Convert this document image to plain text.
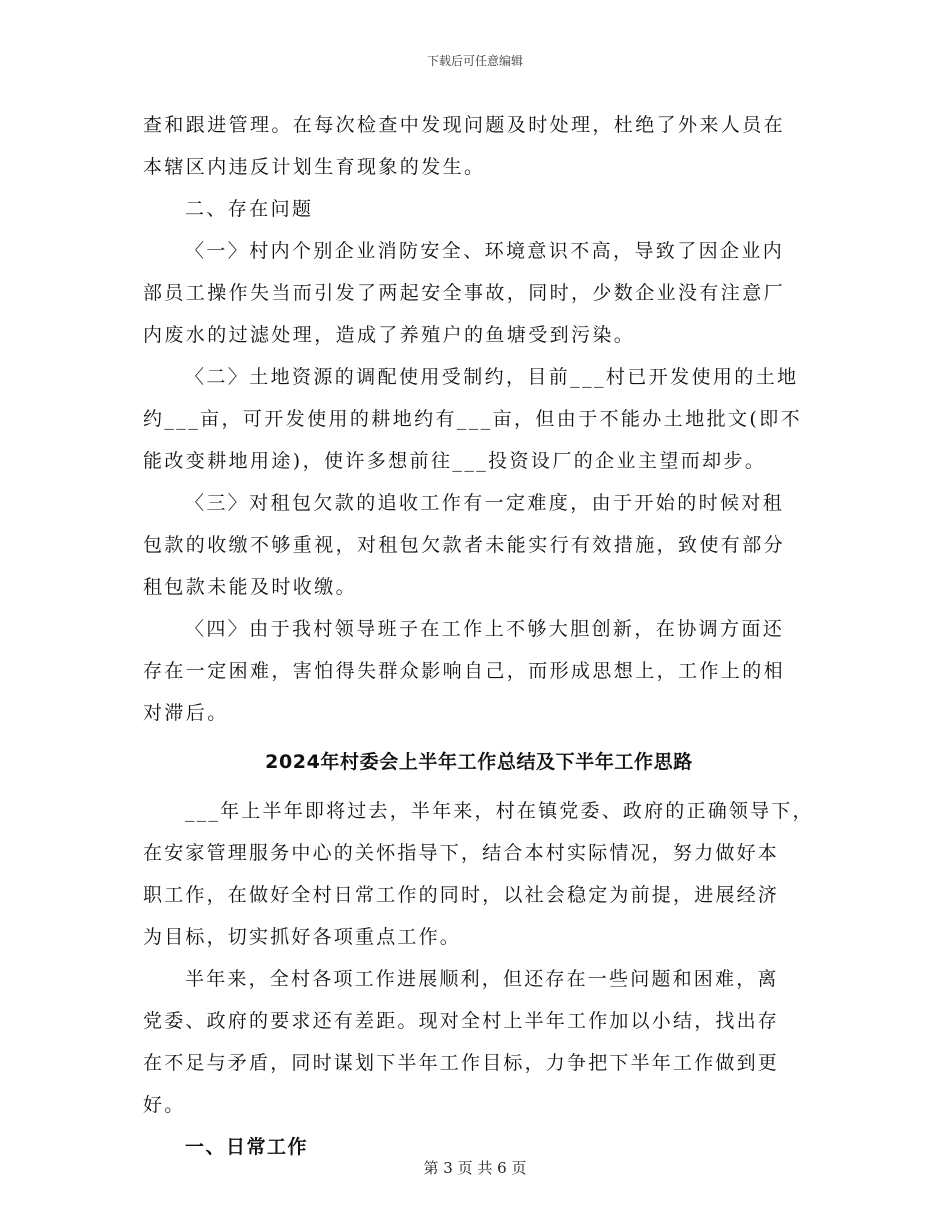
下载后可任意编辑
查和跟进管理。在每次检查中发现问题及时处理，杜绝了外来人员在
本辖区内违反计划生育现象的发生。
二、存在问题
〈一〉村内个别企业消防安全、环境意识不高，导致了因企业内
部员工操作失当而引发了两起安全事故，同时，少数企业没有注意厂
内废水的过滤处理，造成了养殖户的鱼塘受到污染。
〈二〉土地资源的调配使用受制约，目前___村已开发使用的土地
约___亩，可开发使用的耕地约有___亩，但由于不能办土地批文(即不
能改变耕地用途)，使许多想前往___投资设厂的企业主望而却步。
〈三〉对租包欠款的追收工作有一定难度，由于开始的时候对租
包款的收缴不够重视，对租包欠款者未能实行有效措施，致使有部分
租包款未能及时收缴。
〈四〉由于我村领导班子在工作上不够大胆创新，在协调方面还
存在一定困难，害怕得失群众影响自己，而形成思想上，工作上的相
对滞后。
2024年村委会上半年工作总结及下半年工作思路
___年上半年即将过去，半年来，村在镇党委、政府的正确领导下，
在安家管理服务中心的关怀指导下，结合本村实际情况，努力做好本
职工作，在做好全村日常工作的同时，以社会稳定为前提，进展经济
为目标，切实抓好各项重点工作。
半年来，全村各项工作进展顺利，但还存在一些问题和困难，离
党委、政府的要求还有差距。现对全村上半年工作加以小结，找出存
在不足与矛盾，同时谋划下半年工作目标，力争把下半年工作做到更
好。
一、日常工作
第 3 页 共 6 页
